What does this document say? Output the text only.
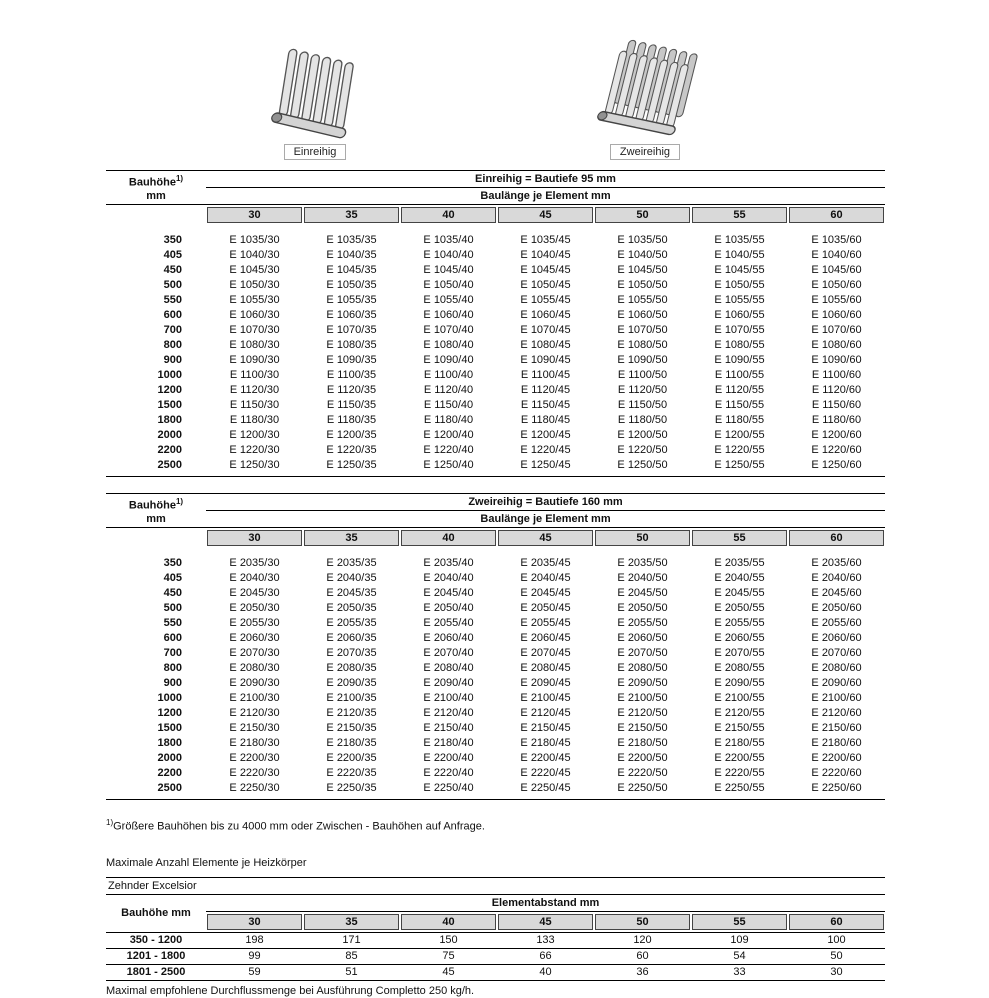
Einreihig	Zweireihig
Bauhöhe$^{1)}$
mm
Einreihig = Bautiefe 95 mm
Baulänge je Element mm
30	35	40	45	50	55	60
350	E 1035/30	E 1035/35	E 1035/40	E 1035/45	E 1035/50	E 1035/55	E 1035/60
405	E 1040/30	E 1040/35	E 1040/40	E 1040/45	E 1040/50	E 1040/55	E 1040/60
450	E 1045/30	E 1045/35	E 1045/40	E 1045/45	E 1045/50	E 1045/55	E 1045/60
500	E 1050/30	E 1050/35	E 1050/40	E 1050/45	E 1050/50	E 1050/55	E 1050/60
550	E 1055/30	E 1055/35	E 1055/40	E 1055/45	E 1055/50	E 1055/55	E 1055/60
600	E 1060/30	E 1060/35	E 1060/40	E 1060/45	E 1060/50	E 1060/55	E 1060/60
700	E 1070/30	E 1070/35	E 1070/40	E 1070/45	E 1070/50	E 1070/55	E 1070/60
800	E 1080/30	E 1080/35	E 1080/40	E 1080/45	E 1080/50	E 1080/55	E 1080/60
900	E 1090/30	E 1090/35	E 1090/40	E 1090/45	E 1090/50	E 1090/55	E 1090/60
1000	E 1100/30	E 1100/35	E 1100/40	E 1100/45	E 1100/50	E 1100/55	E 1100/60
1200	E 1120/30	E 1120/35	E 1120/40	E 1120/45	E 1120/50	E 1120/55	E 1120/60
1500	E 1150/30	E 1150/35	E 1150/40	E 1150/45	E 1150/50	E 1150/55	E 1150/60
1800	E 1180/30	E 1180/35	E 1180/40	E 1180/45	E 1180/50	E 1180/55	E 1180/60
2000	E 1200/30	E 1200/35	E 1200/40	E 1200/45	E 1200/50	E 1200/55	E 1200/60
2200	E 1220/30	E 1220/35	E 1220/40	E 1220/45	E 1220/50	E 1220/55	E 1220/60
2500	E 1250/30	E 1250/35	E 1250/40	E 1250/45	E 1250/50	E 1250/55	E 1250/60
Bauhöhe$^{1)}$
mm
Zweireihig = Bautiefe 160 mm
Baulänge je Element mm
30	35	40	45	50	55	60
350	E 2035/30	E 2035/35	E 2035/40	E 2035/45	E 2035/50	E 2035/55	E 2035/60
405	E 2040/30	E 2040/35	E 2040/40	E 2040/45	E 2040/50	E 2040/55	E 2040/60
450	E 2045/30	E 2045/35	E 2045/40	E 2045/45	E 2045/50	E 2045/55	E 2045/60
500	E 2050/30	E 2050/35	E 2050/40	E 2050/45	E 2050/50	E 2050/55	E 2050/60
550	E 2055/30	E 2055/35	E 2055/40	E 2055/45	E 2055/50	E 2055/55	E 2055/60
600	E 2060/30	E 2060/35	E 2060/40	E 2060/45	E 2060/50	E 2060/55	E 2060/60
700	E 2070/30	E 2070/35	E 2070/40	E 2070/45	E 2070/50	E 2070/55	E 2070/60
800	E 2080/30	E 2080/35	E 2080/40	E 2080/45	E 2080/50	E 2080/55	E 2080/60
900	E 2090/30	E 2090/35	E 2090/40	E 2090/45	E 2090/50	E 2090/55	E 2090/60
1000	E 2100/30	E 2100/35	E 2100/40	E 2100/45	E 2100/50	E 2100/55	E 2100/60
1200	E 2120/30	E 2120/35	E 2120/40	E 2120/45	E 2120/50	E 2120/55	E 2120/60
1500	E 2150/30	E 2150/35	E 2150/40	E 2150/45	E 2150/50	E 2150/55	E 2150/60
1800	E 2180/30	E 2180/35	E 2180/40	E 2180/45	E 2180/50	E 2180/55	E 2180/60
2000	E 2200/30	E 2200/35	E 2200/40	E 2200/45	E 2200/50	E 2200/55	E 2200/60
2200	E 2220/30	E 2220/35	E 2220/40	E 2220/45	E 2220/50	E 2220/55	E 2220/60
2500	E 2250/30	E 2250/35	E 2250/40	E 2250/45	E 2250/50	E 2250/55	E 2250/60

$^{1)}$Größere Bauhöhen bis zu 4000 mm oder Zwischen - Bauhöhen auf Anfrage.

Maximale Anzahl Elemente je Heizkörper

Zehnder Excelsior
Bauhöhe mm
Elementabstand mm
30	35	40	45	50	55	60
350 - 1200	198	171	150	133	120	109	100
1201 - 1800	99	85	75	66	60	54	50
1801 - 2500	59	51	45	40	36	33	30

Maximal empfohlene Durchflussmenge bei Ausführung Completto 250 kg/h.
